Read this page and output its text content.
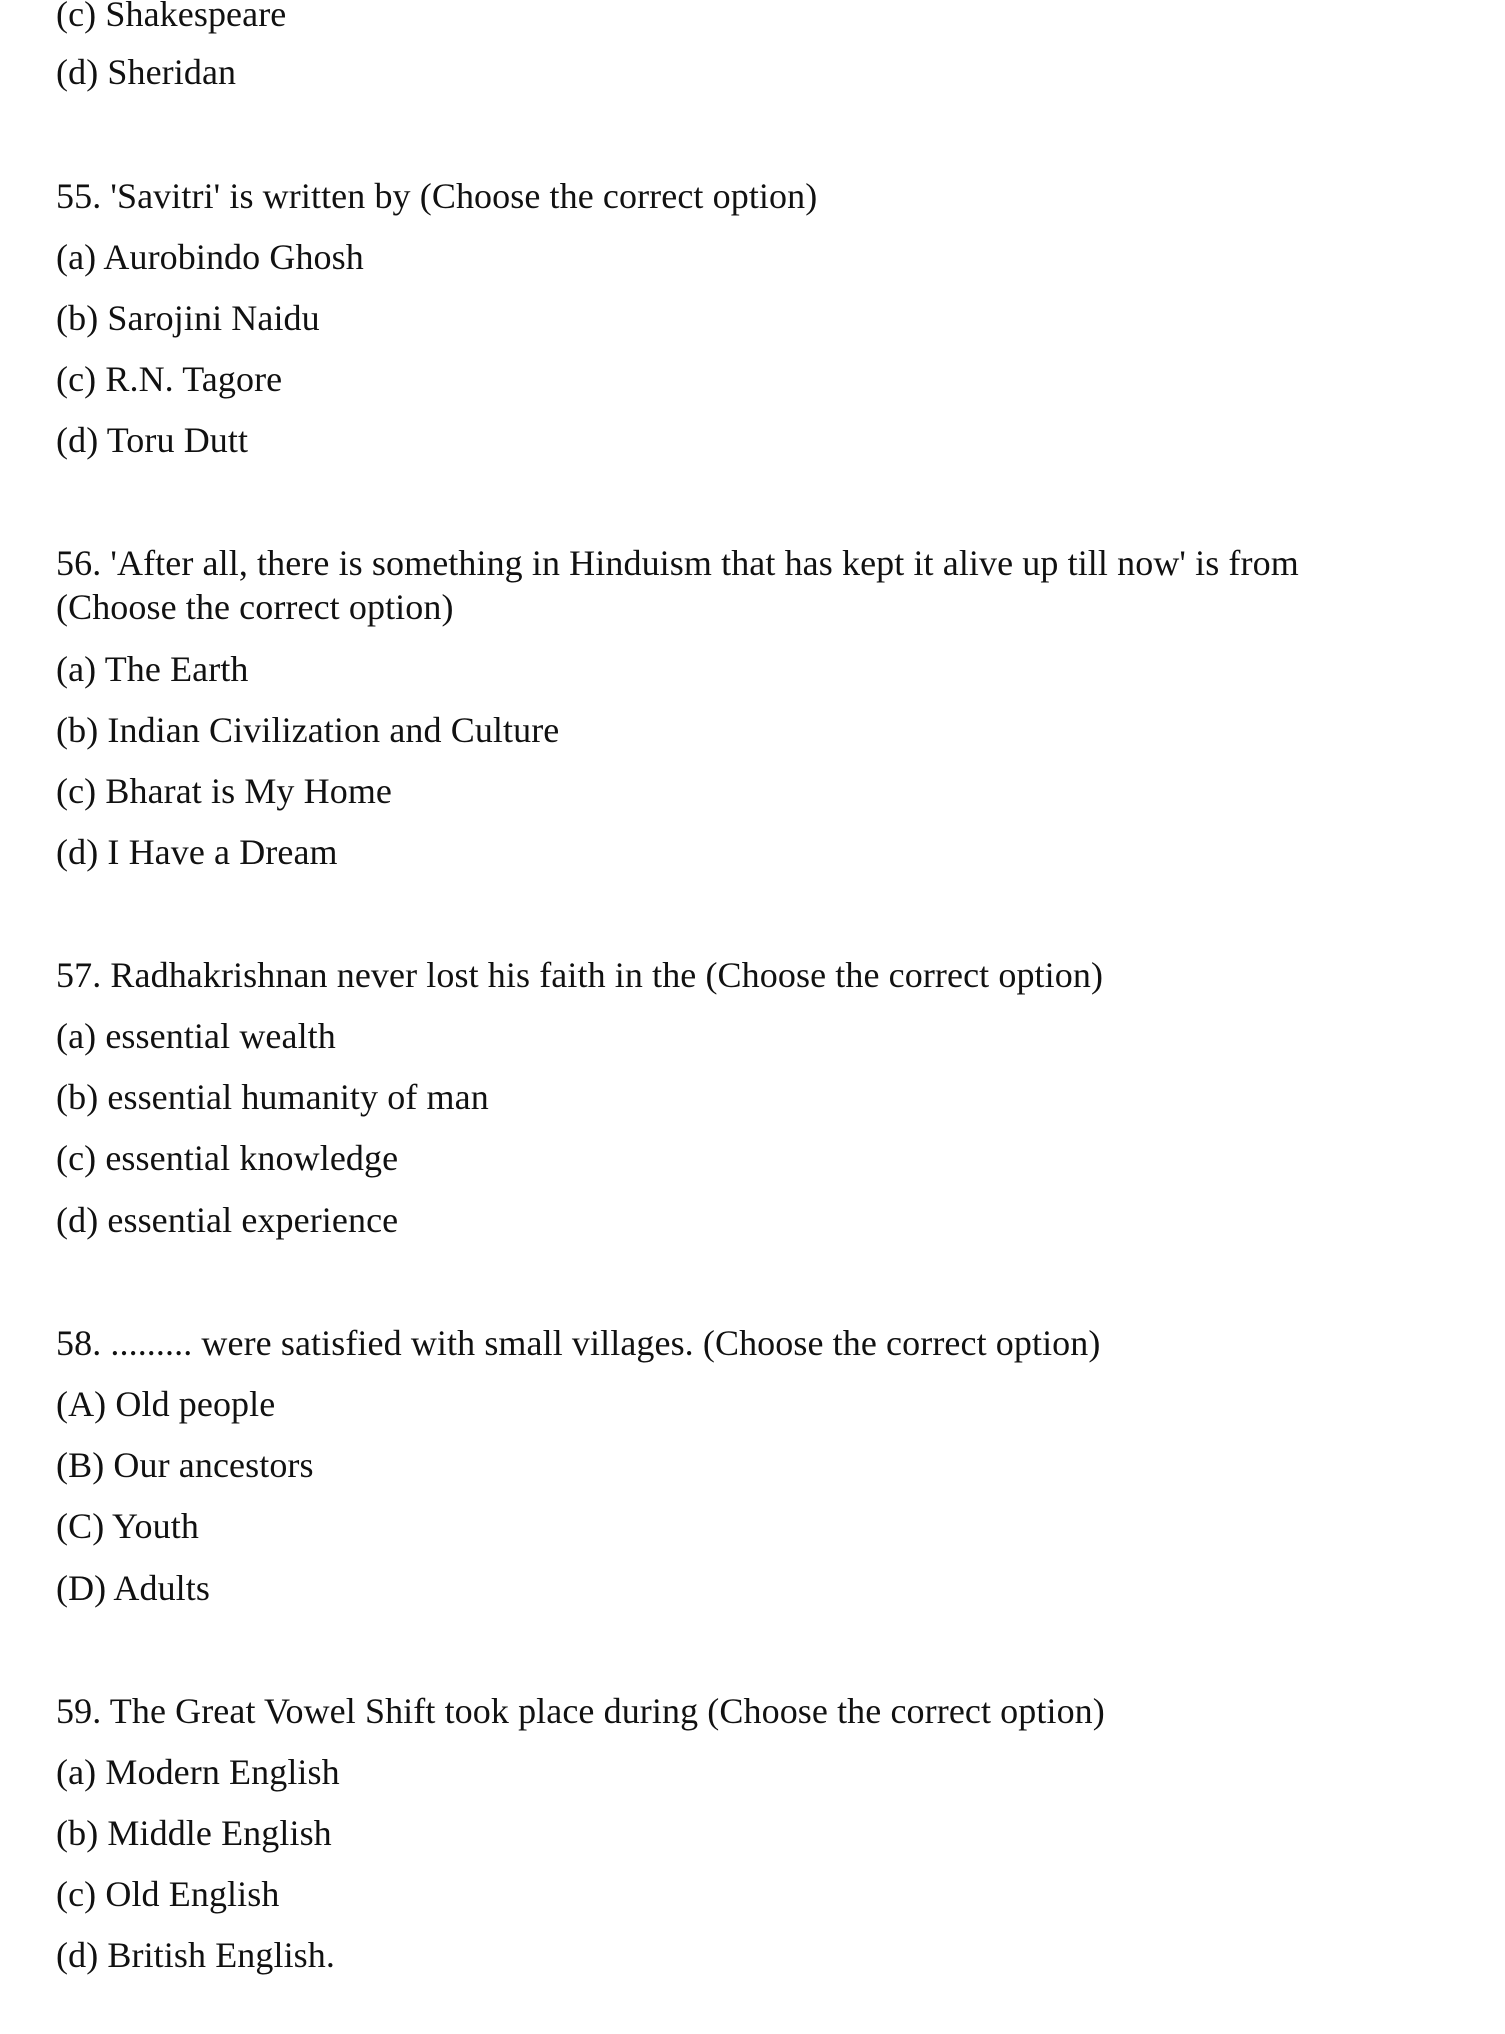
(c) Shakespeare
(d) Sheridan
55. 'Savitri' is written by (Choose the correct option)
(a) Aurobindo Ghosh
(b) Sarojini Naidu
(c) R.N. Tagore
(d) Toru Dutt
56. 'After all, there is something in Hinduism that has kept it alive up till now' is from
(Choose the correct option)
(a) The Earth
(b) Indian Civilization and Culture
(c) Bharat is My Home
(d) I Have a Dream
57. Radhakrishnan never lost his faith in the (Choose the correct option)
(a) essential wealth
(b) essential humanity of man
(c) essential knowledge
(d) essential experience
58. ......... were satisfied with small villages. (Choose the correct option)
(A) Old people
(B) Our ancestors
(C) Youth
(D) Adults
59. The Great Vowel Shift took place during (Choose the correct option)
(a) Modern English
(b) Middle English
(c) Old English
(d) British English.
